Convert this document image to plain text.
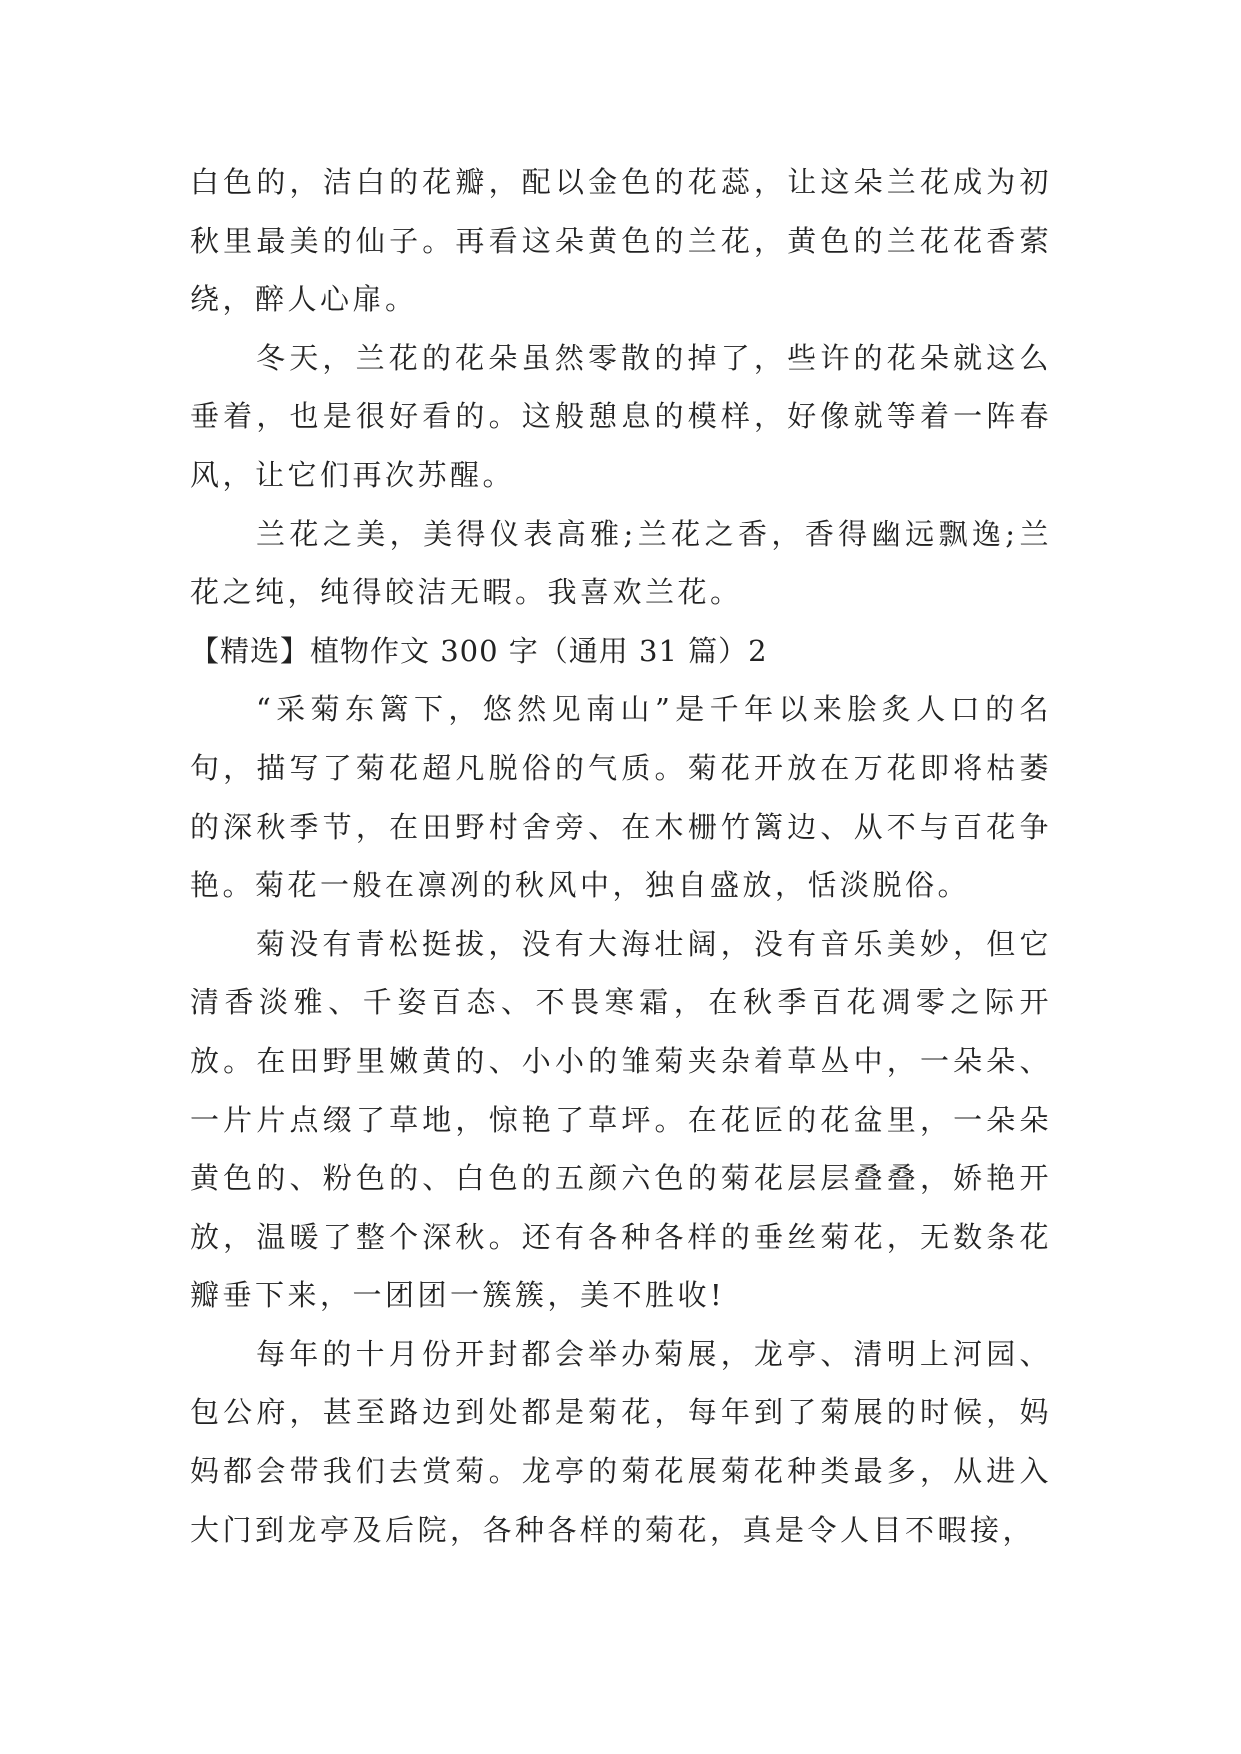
白色的，洁白的花瓣，配以金色的花蕊，让这朵兰花成为初秋里最美的仙子。再看这朵黄色的兰花，黄色的兰花花香萦绕，醉人心扉。

冬天，兰花的花朵虽然零散的掉了，些许的花朵就这么垂着，也是很好看的。这般憩息的模样，好像就等着一阵春风，让它们再次苏醒。

兰花之美，美得仪表高雅;兰花之香，香得幽远飘逸;兰花之纯，纯得皎洁无暇。我喜欢兰花。

【精选】植物作文 300 字（通用 31 篇）2

“采菊东篱下，悠然见南山”是千年以来脍炙人口的名句，描写了菊花超凡脱俗的气质。菊花开放在万花即将枯萎的深秋季节，在田野村舍旁、在木栅竹篱边、从不与百花争艳。菊花一般在凛冽的秋风中，独自盛放，恬淡脱俗。

菊没有青松挺拔，没有大海壮阔，没有音乐美妙，但它清香淡雅、千姿百态、不畏寒霜，在秋季百花凋零之际开放。在田野里嫩黄的、小小的雏菊夹杂着草丛中，一朵朵、一片片点缀了草地，惊艳了草坪。在花匠的花盆里，一朵朵黄色的、粉色的、白色的五颜六色的菊花层层叠叠，娇艳开放，温暖了整个深秋。还有各种各样的垂丝菊花，无数条花瓣垂下来，一团团一簇簇，美不胜收!

每年的十月份开封都会举办菊展，龙亭、清明上河园、包公府，甚至路边到处都是菊花，每年到了菊展的时候，妈妈都会带我们去赏菊。龙亭的菊花展菊花种类最多，从进入大门到龙亭及后院，各种各样的菊花，真是令人目不暇接，
